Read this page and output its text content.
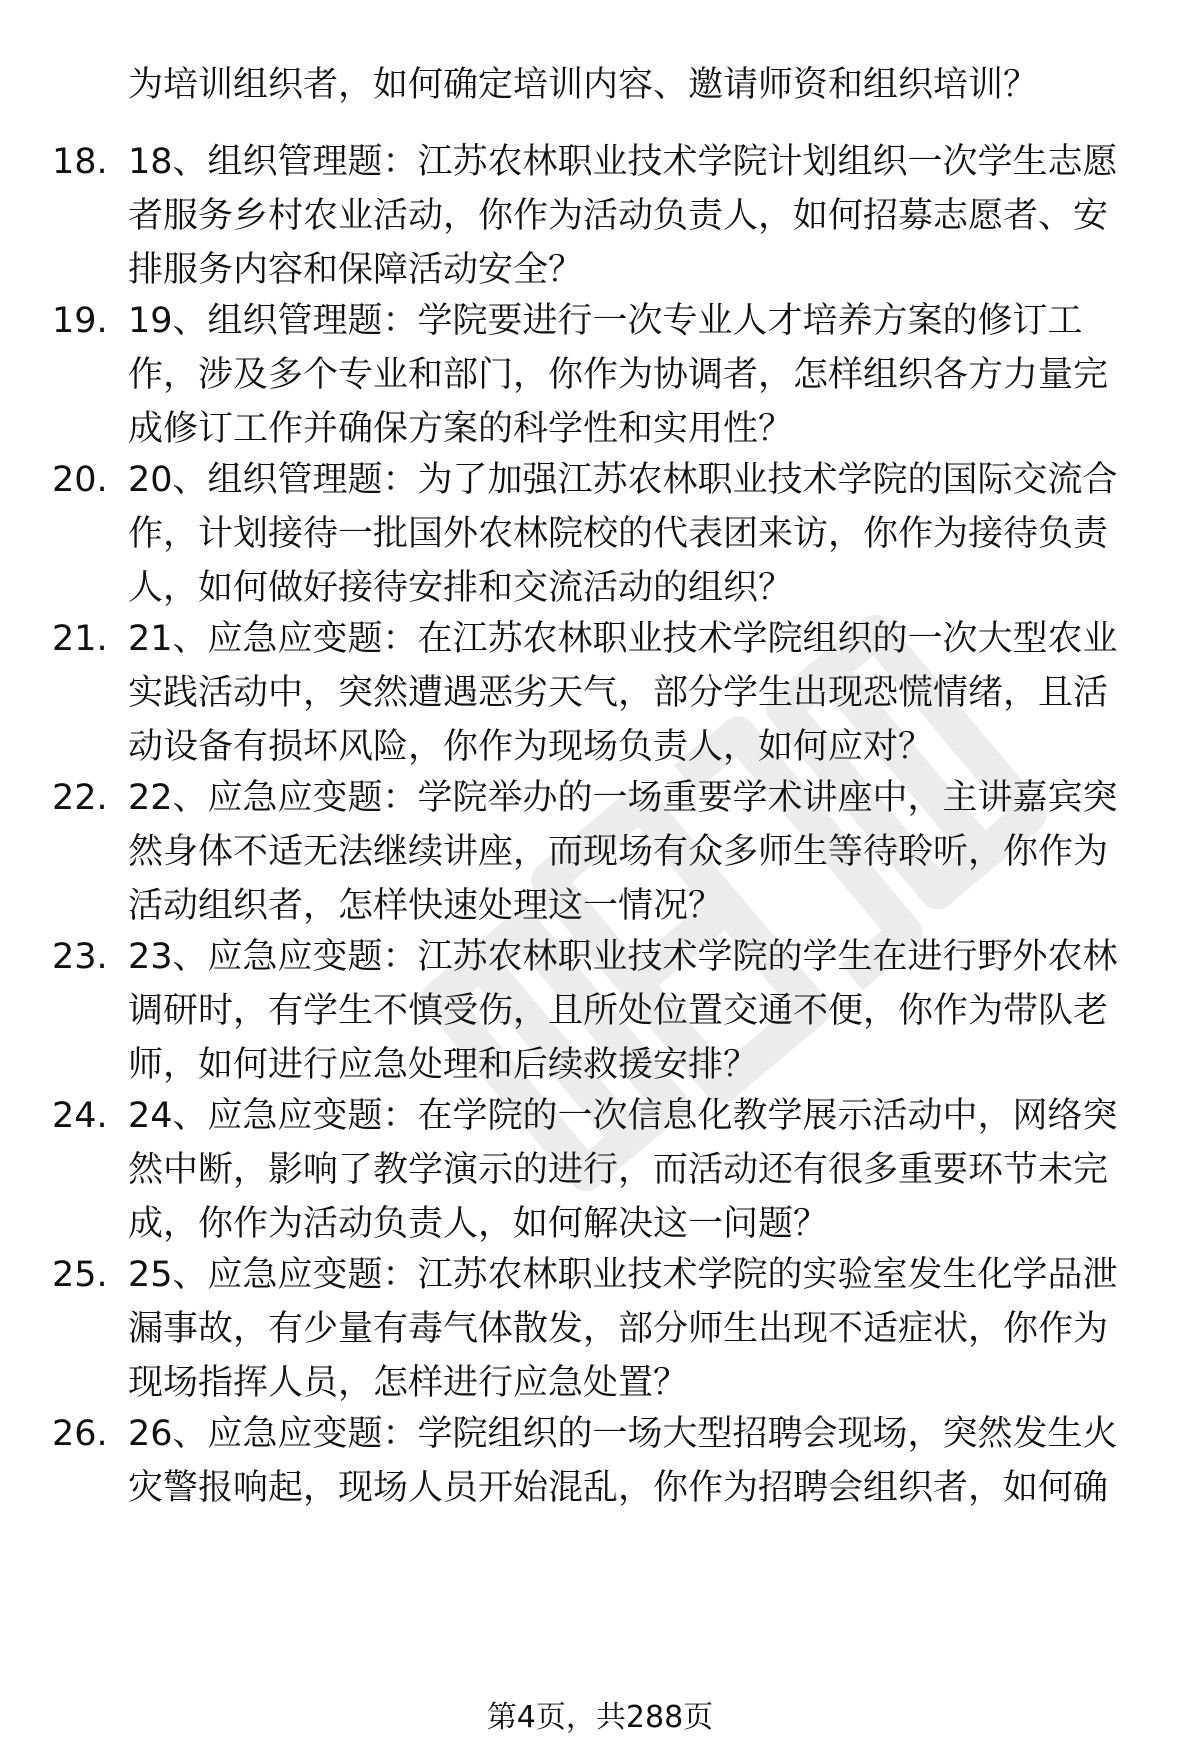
为培训组织者，如何确定培训内容、邀请师资和组织培训？
18. 18、组织管理题：江苏农林职业技术学院计划组织一次学生志愿
者服务乡村农业活动，你作为活动负责人，如何招募志愿者、安
排服务内容和保障活动安全？
19. 19、组织管理题：学院要进行一次专业人才培养方案的修订工
作，涉及多个专业和部门，你作为协调者，怎样组织各方力量完
成修订工作并确保方案的科学性和实用性？
20. 20、组织管理题：为了加强江苏农林职业技术学院的国际交流合
作，计划接待一批国外农林院校的代表团来访，你作为接待负责
人，如何做好接待安排和交流活动的组织？
21. 21、应急应变题：在江苏农林职业技术学院组织的一次大型农业
实践活动中，突然遭遇恶劣天气，部分学生出现恐慌情绪，且活
动设备有损坏风险，你作为现场负责人，如何应对？
22. 22、应急应变题：学院举办的一场重要学术讲座中，主讲嘉宾突
然身体不适无法继续讲座，而现场有众多师生等待聆听，你作为
活动组织者，怎样快速处理这一情况？
23. 23、应急应变题：江苏农林职业技术学院的学生在进行野外农林
调研时，有学生不慎受伤，且所处位置交通不便，你作为带队老
师，如何进行应急处理和后续救援安排？
24. 24、应急应变题：在学院的一次信息化教学展示活动中，网络突
然中断，影响了教学演示的进行，而活动还有很多重要环节未完
成，你作为活动负责人，如何解决这一问题？
25. 25、应急应变题：江苏农林职业技术学院的实验室发生化学品泄
漏事故，有少量有毒气体散发，部分师生出现不适症状，你作为
现场指挥人员，怎样进行应急处置？
26. 26、应急应变题：学院组织的一场大型招聘会现场，突然发生火
灾警报响起，现场人员开始混乱，你作为招聘会组织者，如何确
第4页，共288页
